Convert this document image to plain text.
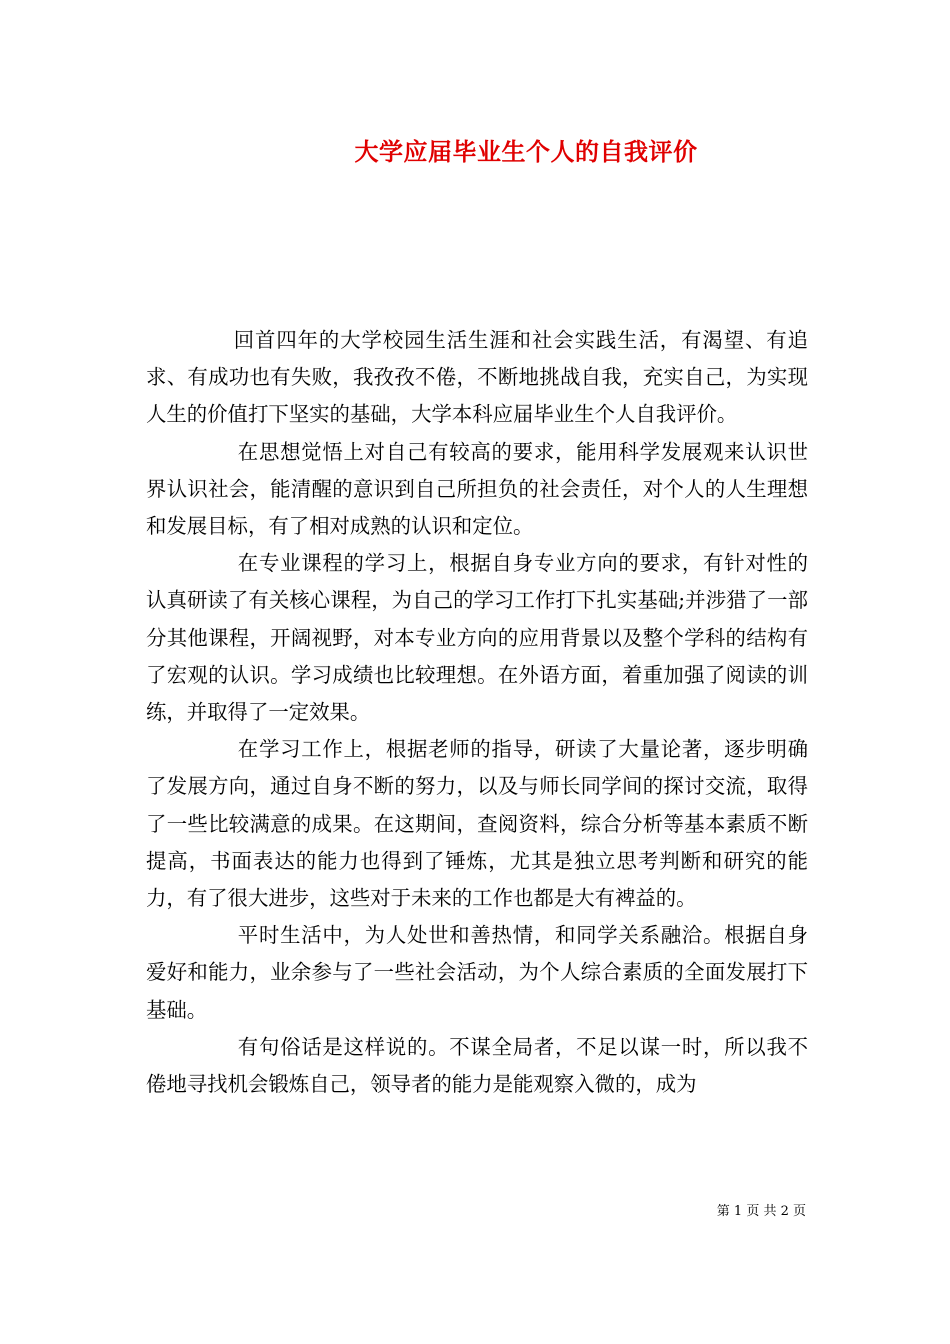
大学应届毕业生个人的自我评价

回首四年的大学校园生活生涯和社会实践生活，有渴望、有追求、有成功也有失败，我孜孜不倦，不断地挑战自我，充实自己，为实现人生的价值打下坚实的基础，大学本科应届毕业生个人自我评价。

在思想觉悟上对自己有较高的要求，能用科学发展观来认识世界认识社会，能清醒的意识到自己所担负的社会责任，对个人的人生理想和发展目标，有了相对成熟的认识和定位。

在专业课程的学习上，根据自身专业方向的要求，有针对性的认真研读了有关核心课程，为自己的学习工作打下扎实基础;并涉猎了一部分其他课程，开阔视野，对本专业方向的应用背景以及整个学科的结构有了宏观的认识。学习成绩也比较理想。在外语方面，着重加强了阅读的训练，并取得了一定效果。

在学习工作上，根据老师的指导，研读了大量论著，逐步明确了发展方向，通过自身不断的努力，以及与师长同学间的探讨交流，取得了一些比较满意的成果。在这期间，查阅资料，综合分析等基本素质不断提高，书面表达的能力也得到了锤炼，尤其是独立思考判断和研究的能力，有了很大进步，这些对于未来的工作也都是大有裨益的。

平时生活中，为人处世和善热情，和同学关系融洽。根据自身爱好和能力，业余参与了一些社会活动，为个人综合素质的全面发展打下基础。

有句俗话是这样说的。不谋全局者，不足以谋一时，所以我不倦地寻找机会锻炼自己，领导者的能力是能观察入微的，成为

第 1 页 共 2 页
